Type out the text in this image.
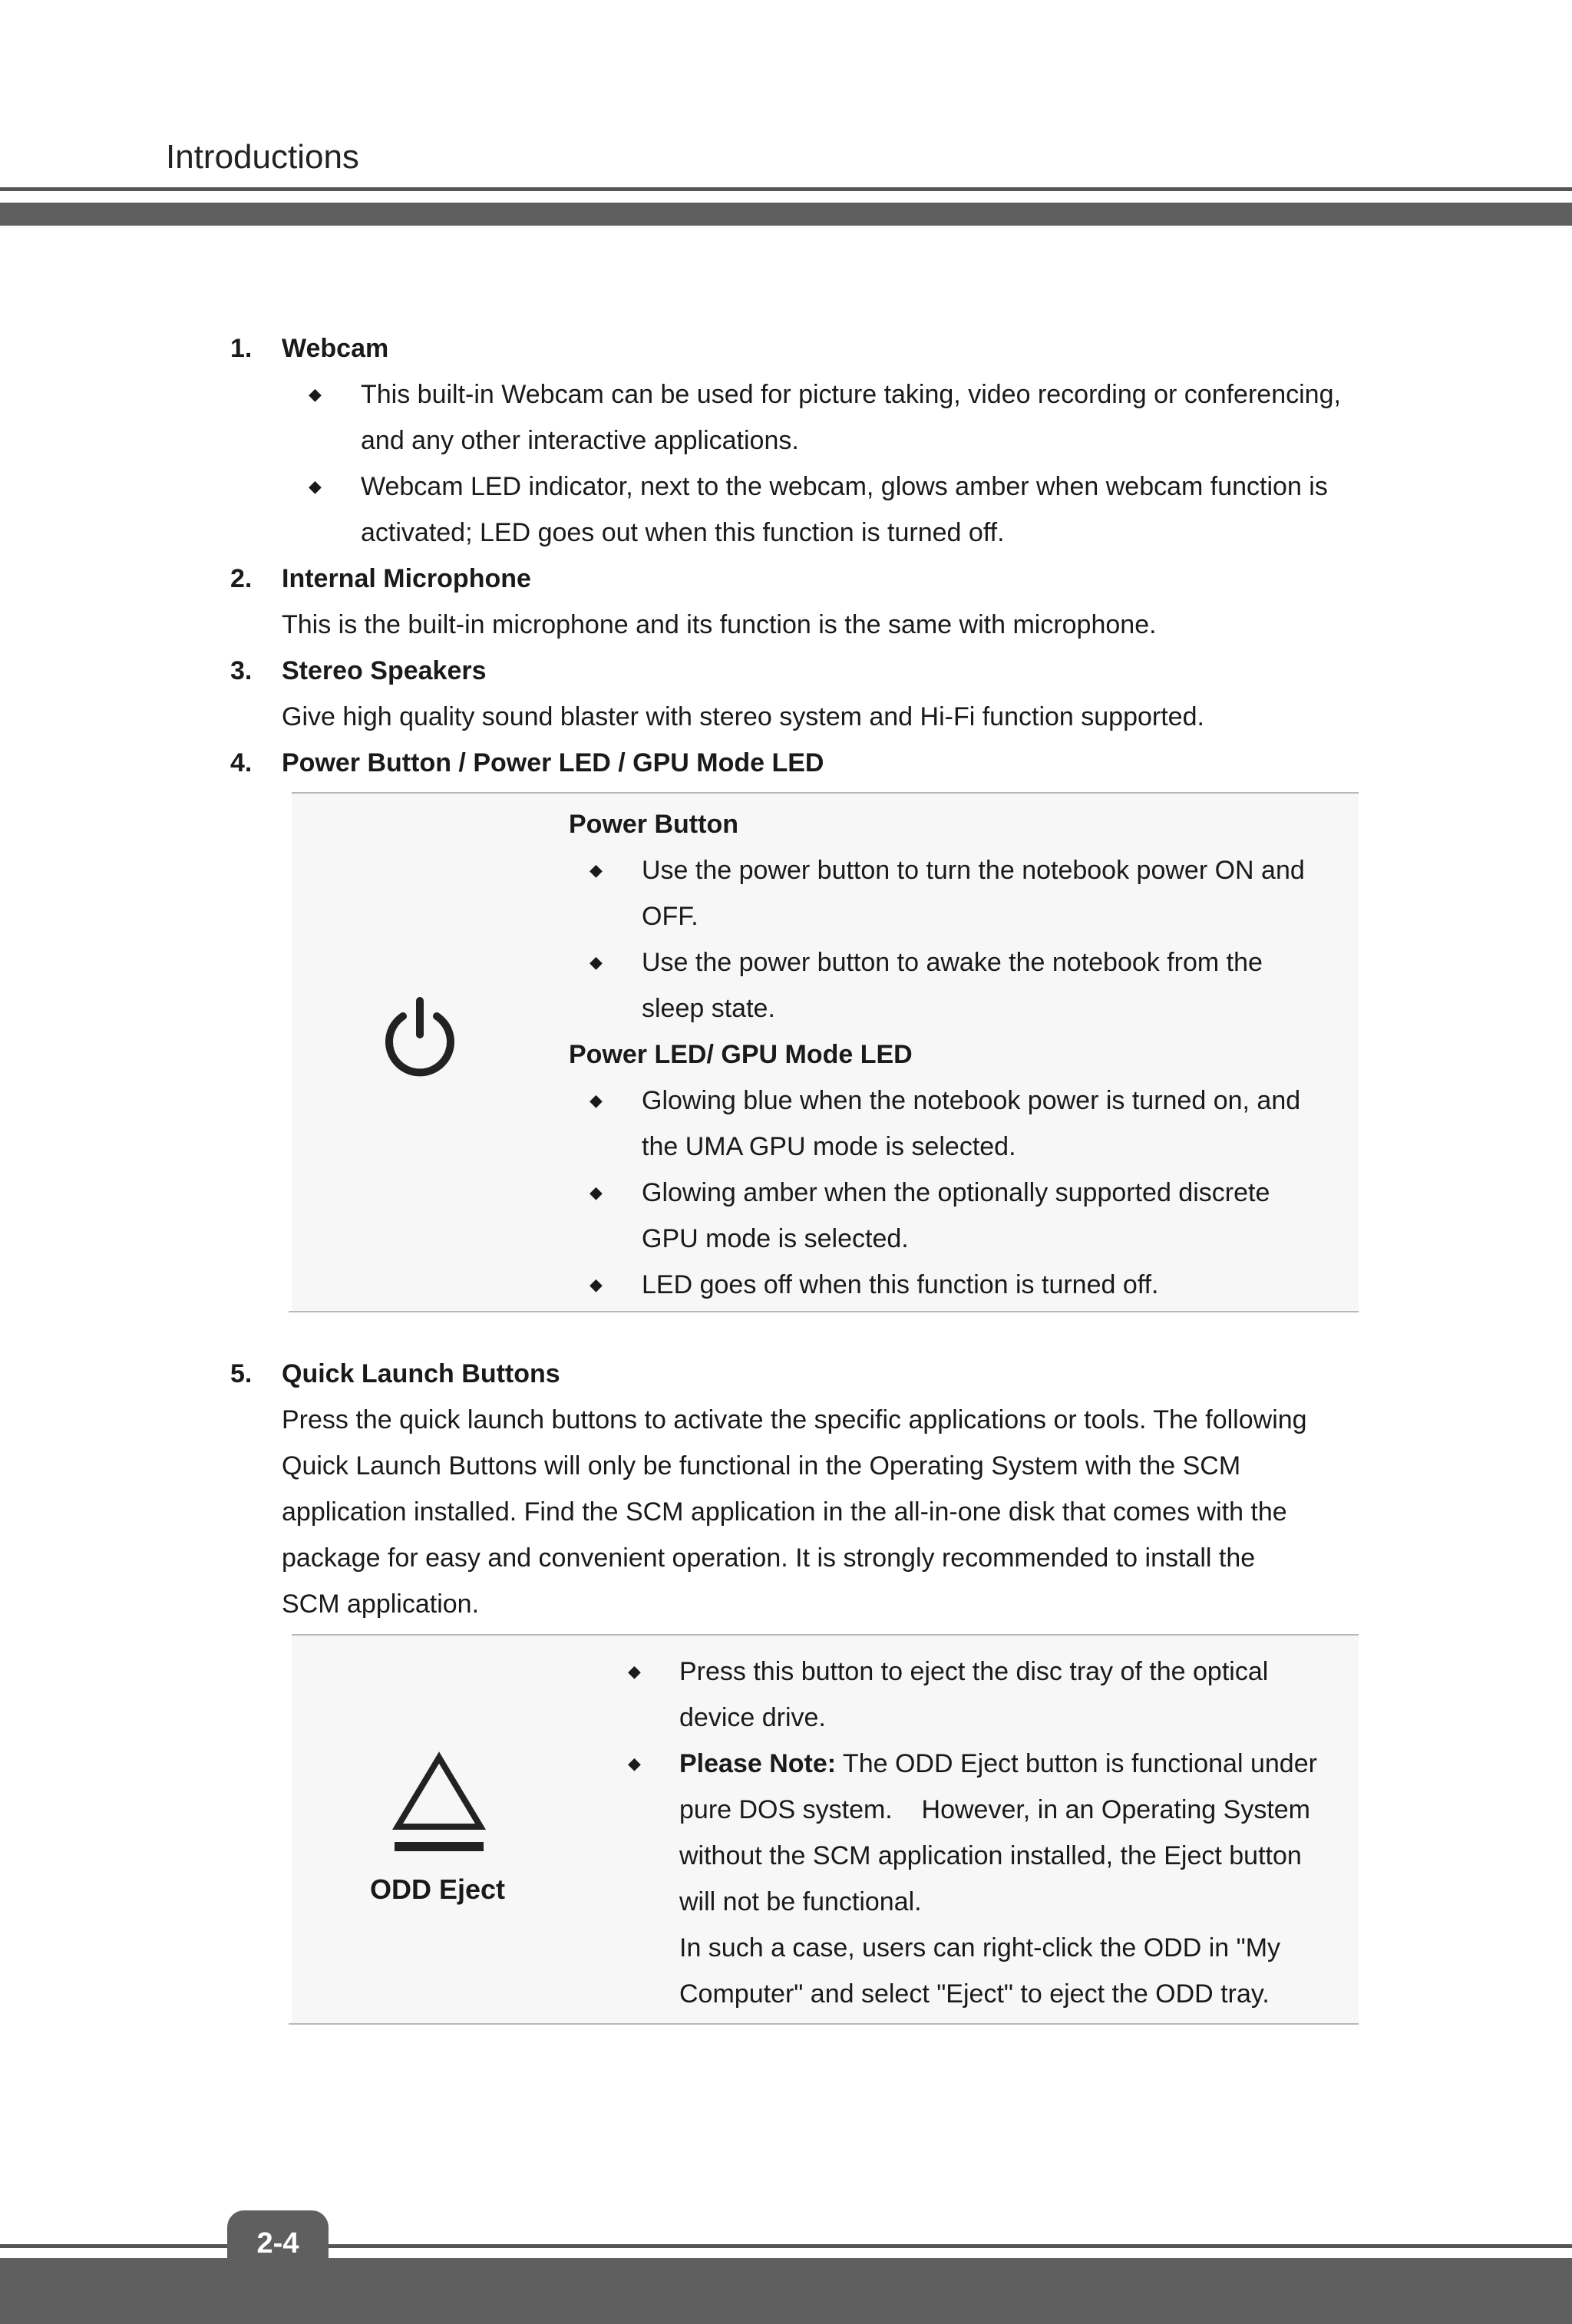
Introductions
1. Webcam
◆ This built-in Webcam can be used for picture taking, video recording or conferencing,
and any other interactive applications.
◆ Webcam LED indicator, next to the webcam, glows amber when webcam function is
activated; LED goes out when this function is turned off.
2. Internal Microphone
This is the built-in microphone and its function is the same with microphone.
3. Stereo Speakers
Give high quality sound blaster with stereo system and Hi-Fi function supported.
4. Power Button / Power LED / GPU Mode LED
Power Button
◆ Use the power button to turn the notebook power ON and
OFF.
◆ Use the power button to awake the notebook from the
sleep state.
Power LED/ GPU Mode LED
◆ Glowing blue when the notebook power is turned on, and
the UMA GPU mode is selected.
◆ Glowing amber when the optionally supported discrete
GPU mode is selected.
◆ LED goes off when this function is turned off.
5. Quick Launch Buttons
Press the quick launch buttons to activate the specific applications or tools. The following
Quick Launch Buttons will only be functional in the Operating System with the SCM
application installed. Find the SCM application in the all-in-one disk that comes with the
package for easy and convenient operation. It is strongly recommended to install the
SCM application.
ODD Eject
◆ Press this button to eject the disc tray of the optical
device drive.
◆ Please Note: The ODD Eject button is functional under
pure DOS system.    However, in an Operating System
without the SCM application installed, the Eject button
will not be functional.
In such a case, users can right-click the ODD in "My
Computer" and select "Eject" to eject the ODD tray.
2-4
